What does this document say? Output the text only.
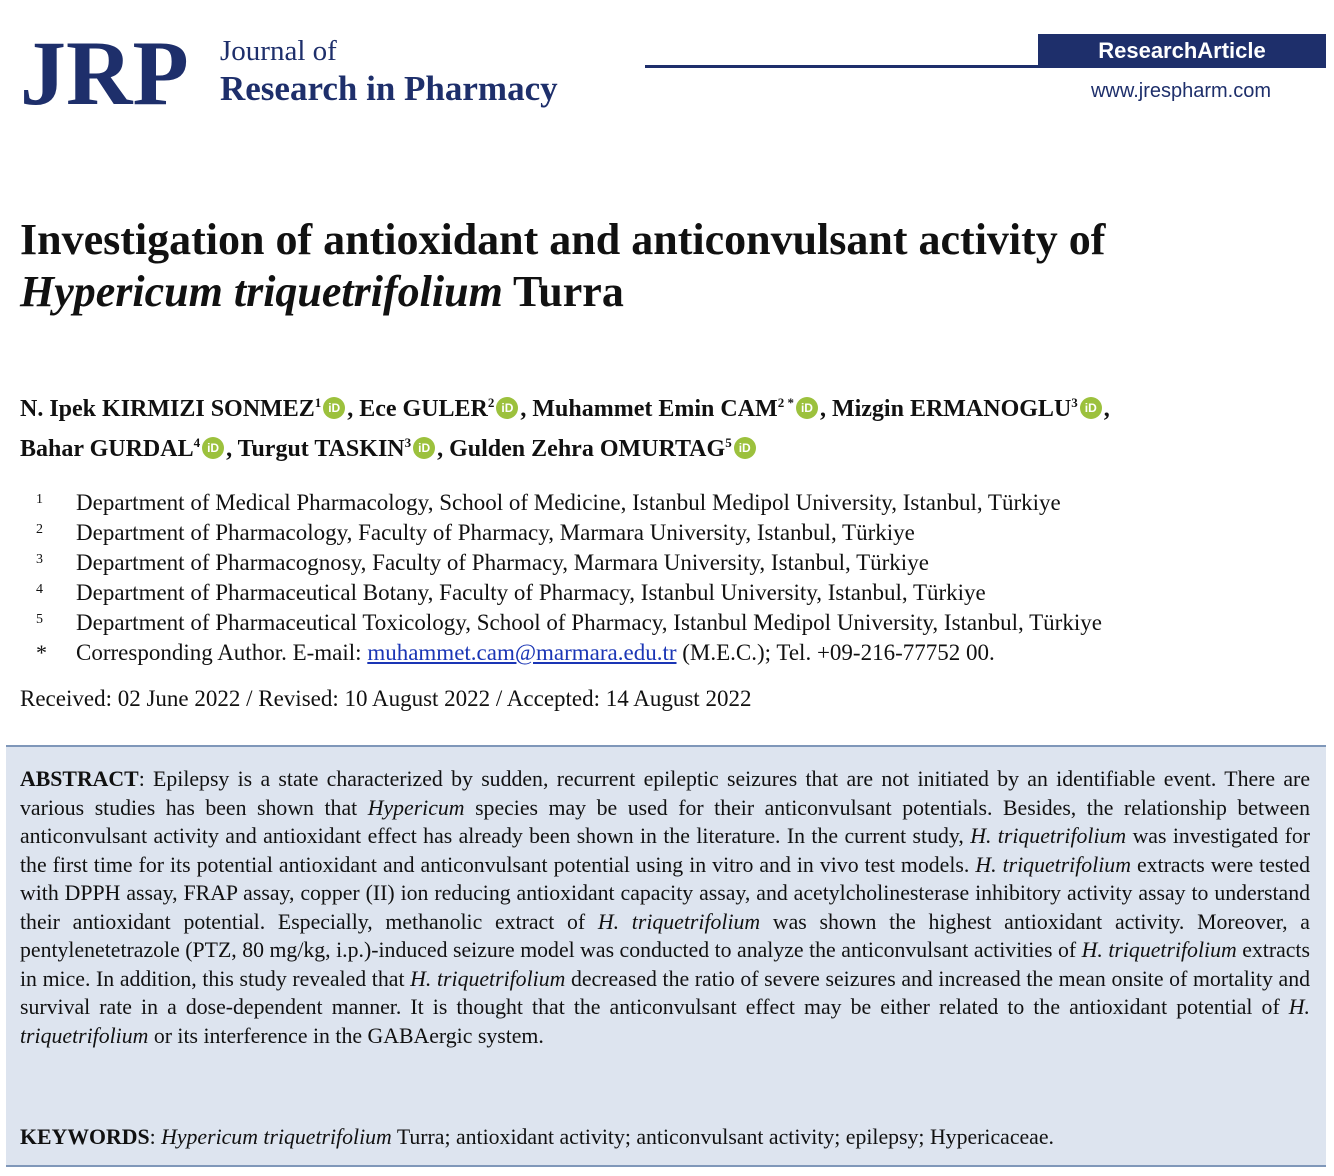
JRP Journal of
Research in Pharmacy
ResearchArticle
www.jrespharm.com
Investigation of antioxidant and anticonvulsant activity of
Hypericum triquetrifolium Turra
N. Ipek KIRMIZI SONMEZ$^1$ iD , Ece GULER$^2$ iD , Muhammet Emin $CAM^{2 *}$ iD , Mizgin ERMANOGLU$^3$ iD ,
Bahar GURDAL$^4$ iD , Turgut TASKIN$^3$ iD , Gulden Zehra OMURTAG$^5$ iD
1	Department of Medical Pharmacology, School of Medicine, Istanbul Medipol University, Istanbul, Türkiye
2	Department of Pharmacology, Faculty of Pharmacy, Marmara University, Istanbul, Türkiye
3	Department of Pharmacognosy, Faculty of Pharmacy, Marmara University, Istanbul, Türkiye
4	Department of Pharmaceutical Botany, Faculty of Pharmacy, Istanbul University, Istanbul, Türkiye
5	Department of Pharmaceutical Toxicology, School of Pharmacy, Istanbul Medipol University, Istanbul, Türkiye
*	Corresponding Author. E-mail: muhammet.cam@marmara.edu.tr (M.E.C.); Tel. +09-216-77752 00.
Received: 02 June 2022 / Revised: 10 August 2022 / Accepted: 14 August 2022
ABSTRACT: Epilepsy is a state characterized by sudden, recurrent epileptic seizures that are not initiated by an identifiable event. There are various studies has been shown that Hypericum species may be used for their anticonvulsant potentials. Besides, the relationship between anticonvulsant activity and antioxidant effect has already been shown in the literature. In the current study, H. triquetrifolium was investigated for the first time for its potential antioxidant and anticonvulsant potential using in vitro and in vivo test models. H. triquetrifolium extracts were tested with DPPH assay, FRAP assay, copper (II) ion reducing antioxidant capacity assay, and acetylcholinesterase inhibitory activity assay to understand their antioxidant potential. Especially, methanolic extract of H. triquetrifolium was shown the highest antioxidant activity. Moreover, a pentylenetetrazole (PTZ, 80 mg/kg, i.p.)-induced seizure model was conducted to analyze the anticonvulsant activities of H. triquetrifolium extracts in mice. In addition, this study revealed that H. triquetrifolium decreased the ratio of severe seizures and increased the mean onsite of mortality and survival rate in a dose-dependent manner. It is thought that the anticonvulsant effect may be either related to the antioxidant potential of H. triquetrifolium or its interference in the GABAergic system.
KEYWORDS: Hypericum triquetrifolium Turra; antioxidant activity; anticonvulsant activity; epilepsy; Hypericaceae.
